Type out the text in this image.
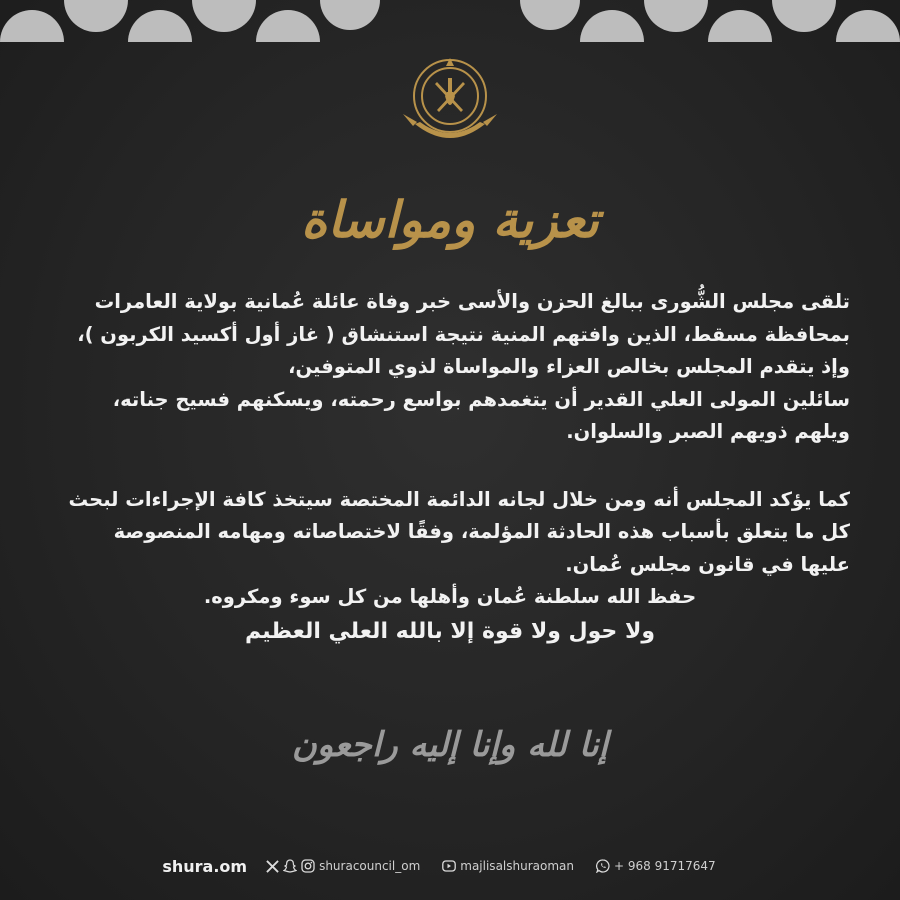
تعزية ومواساة

تلقى مجلس الشُّورى ببالغ الحزن والأسى خبر وفاة عائلة عُمانية بولاية العامرات
بمحافظة مسقط، الذين وافتهم المنية نتيجة استنشاق ( غاز أول أكسيد الكربون )،
وإذ يتقدم المجلس بخالص العزاء والمواساة لذوي المتوفين،
سائلين المولى العلي القدير أن يتغمدهم بواسع رحمته، ويسكنهم فسيح جناته،
ويلهم ذويهم الصبر والسلوان.

كما يؤكد المجلس أنه ومن خلال لجانه الدائمة المختصة سيتخذ كافة الإجراءات لبحث
كل ما يتعلق بأسباب هذه الحادثة المؤلمة، وفقًا لاختصاصاته ومهامه المنصوصة
عليها في قانون مجلس عُمان.

حفظ الله سلطنة عُمان وأهلها من كل سوء ومكروه.

ولا حول ولا قوة إلا بالله العلي العظيم

إنا لله وإنا إليه راجعون
shura.om	shuracouncil_om	majlisalshuraoman	+ 968 91717647
